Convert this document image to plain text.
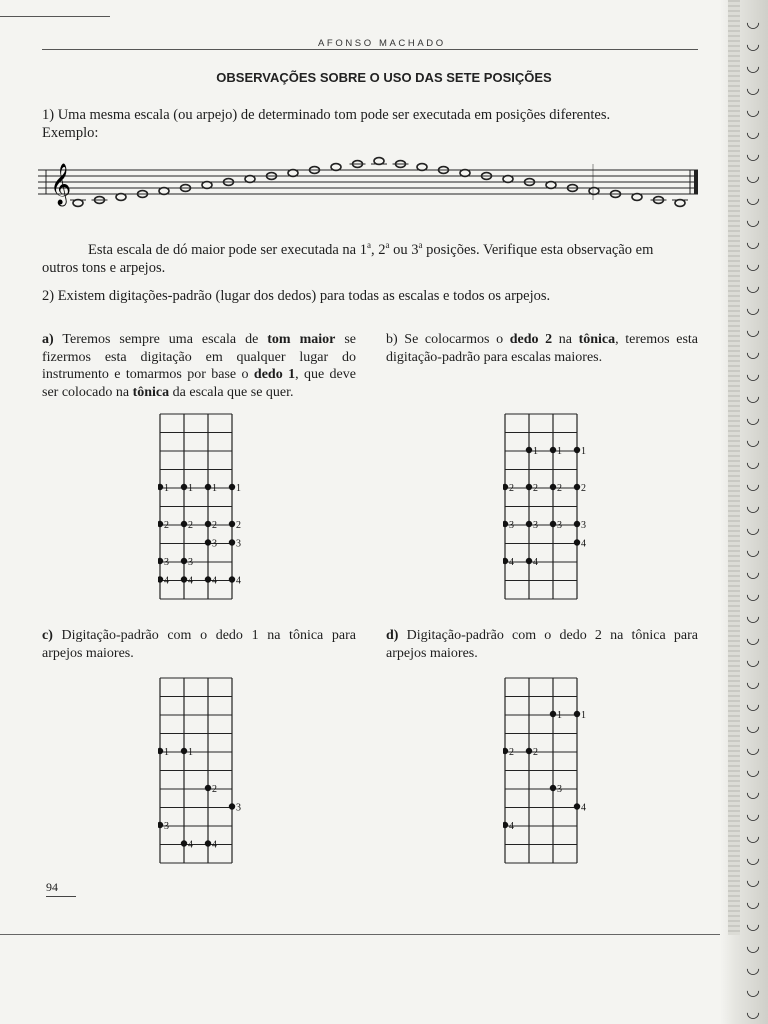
AFONSO MACHADO
OBSERVAÇÕES SOBRE O USO DAS SETE POSIÇÕES
1) Uma mesma escala (ou arpejo) de determinado tom pode ser executada em posições diferentes.
Exemplo:
𝄞
Esta escala de dó maior pode ser executada na 1$^a$, 2$^a$ ou 3$^a$ posições. Verifique esta observação em
outros tons e arpejos.
2) Existem digitações-padrão (lugar dos dedos) para todas as escalas e todos os arpejos.
a) Teremos sempre uma escala de tom maior se fizermos esta digitação em qualquer lugar do instrumento e tomarmos por base o dedo 1, que deve ser colocado na tônica da escala que se quer.
b) Se colocarmos o dedo 2 na tônica, teremos esta digitação-padrão para escalas maiores.
c) Digitação-padrão com o dedo 1 na tônica para arpejos maiores.
d) Digitação-padrão com o dedo 2 na tônica para arpejos maiores.
1 1 1 1
2 2 2 2
3 3
3 3
4 4 4 4
1 1 1
2 2 2 2
3 3 3 3
4
4 4
1 1
2
3
3
4 4
1 1
2 2
3
4
4
94
◡
◡
◡
◡
◡
◡
◡
◡
◡
◡
◡
◡
◡
◡
◡
◡
◡
◡
◡
◡
◡
◡
◡
◡
◡
◡
◡
◡
◡
◡
◡
◡
◡
◡
◡
◡
◡
◡
◡
◡
◡
◡
◡
◡
◡
◡
